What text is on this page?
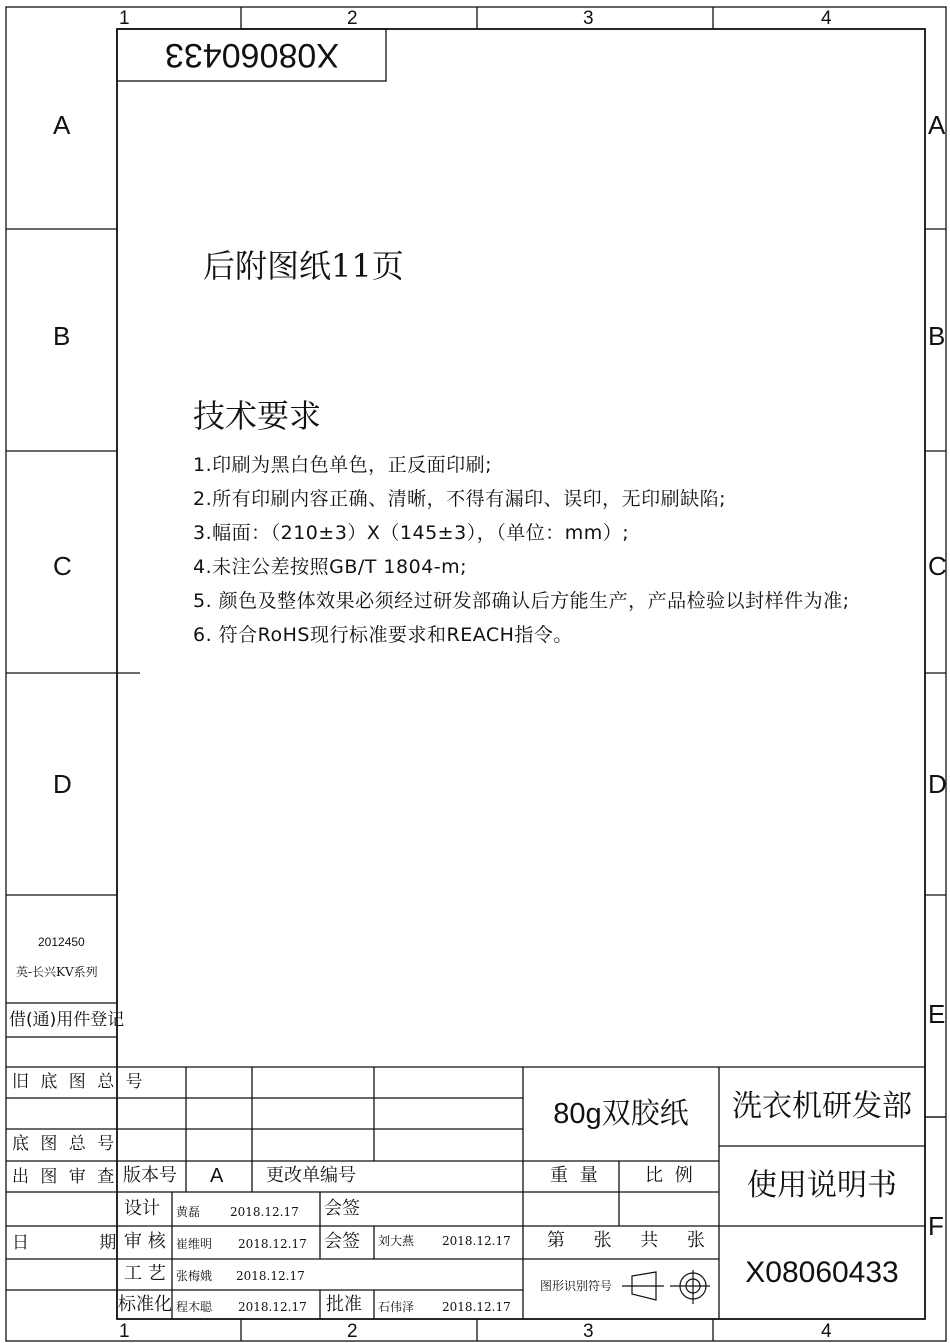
1	2	3	4
1	2	3	4
A
B
C
D
A
B
C
D
E
F
X08060433
后附图纸11页
技术要求
1.印刷为黑白色单色，正反面印刷;
2.所有印刷内容正确、清晰，不得有漏印、误印，无印刷缺陷;
3.幅面：（210±3）X（145±3），（单位：mm）;
4.未注公差按照GB/T 1804-m;
5. 颜色及整体效果必须经过研发部确认后方能生产，产品检验以封样件为准;
6. 符合RoHS现行标准要求和REACH指令。
2012450
英-长兴KV系列
借(通)用件登记
旧 底 图 总 号
底 图 总 号
出 图 审 查
日        期
版本号 A 更改单编号
设计 黄磊 2018.12.17 会签
审 核 崔维明 2018.12.17 会签 刘大燕 2018.12.17
工 艺 张梅娥 2018.12.17
标准化 程木聪 2018.12.17 批准 石伟泽 2018.12.17
80g双胶纸
重 量 比 例
第     张     共     张
图形识别符号
洗衣机研发部
使用说明书
X08060433
